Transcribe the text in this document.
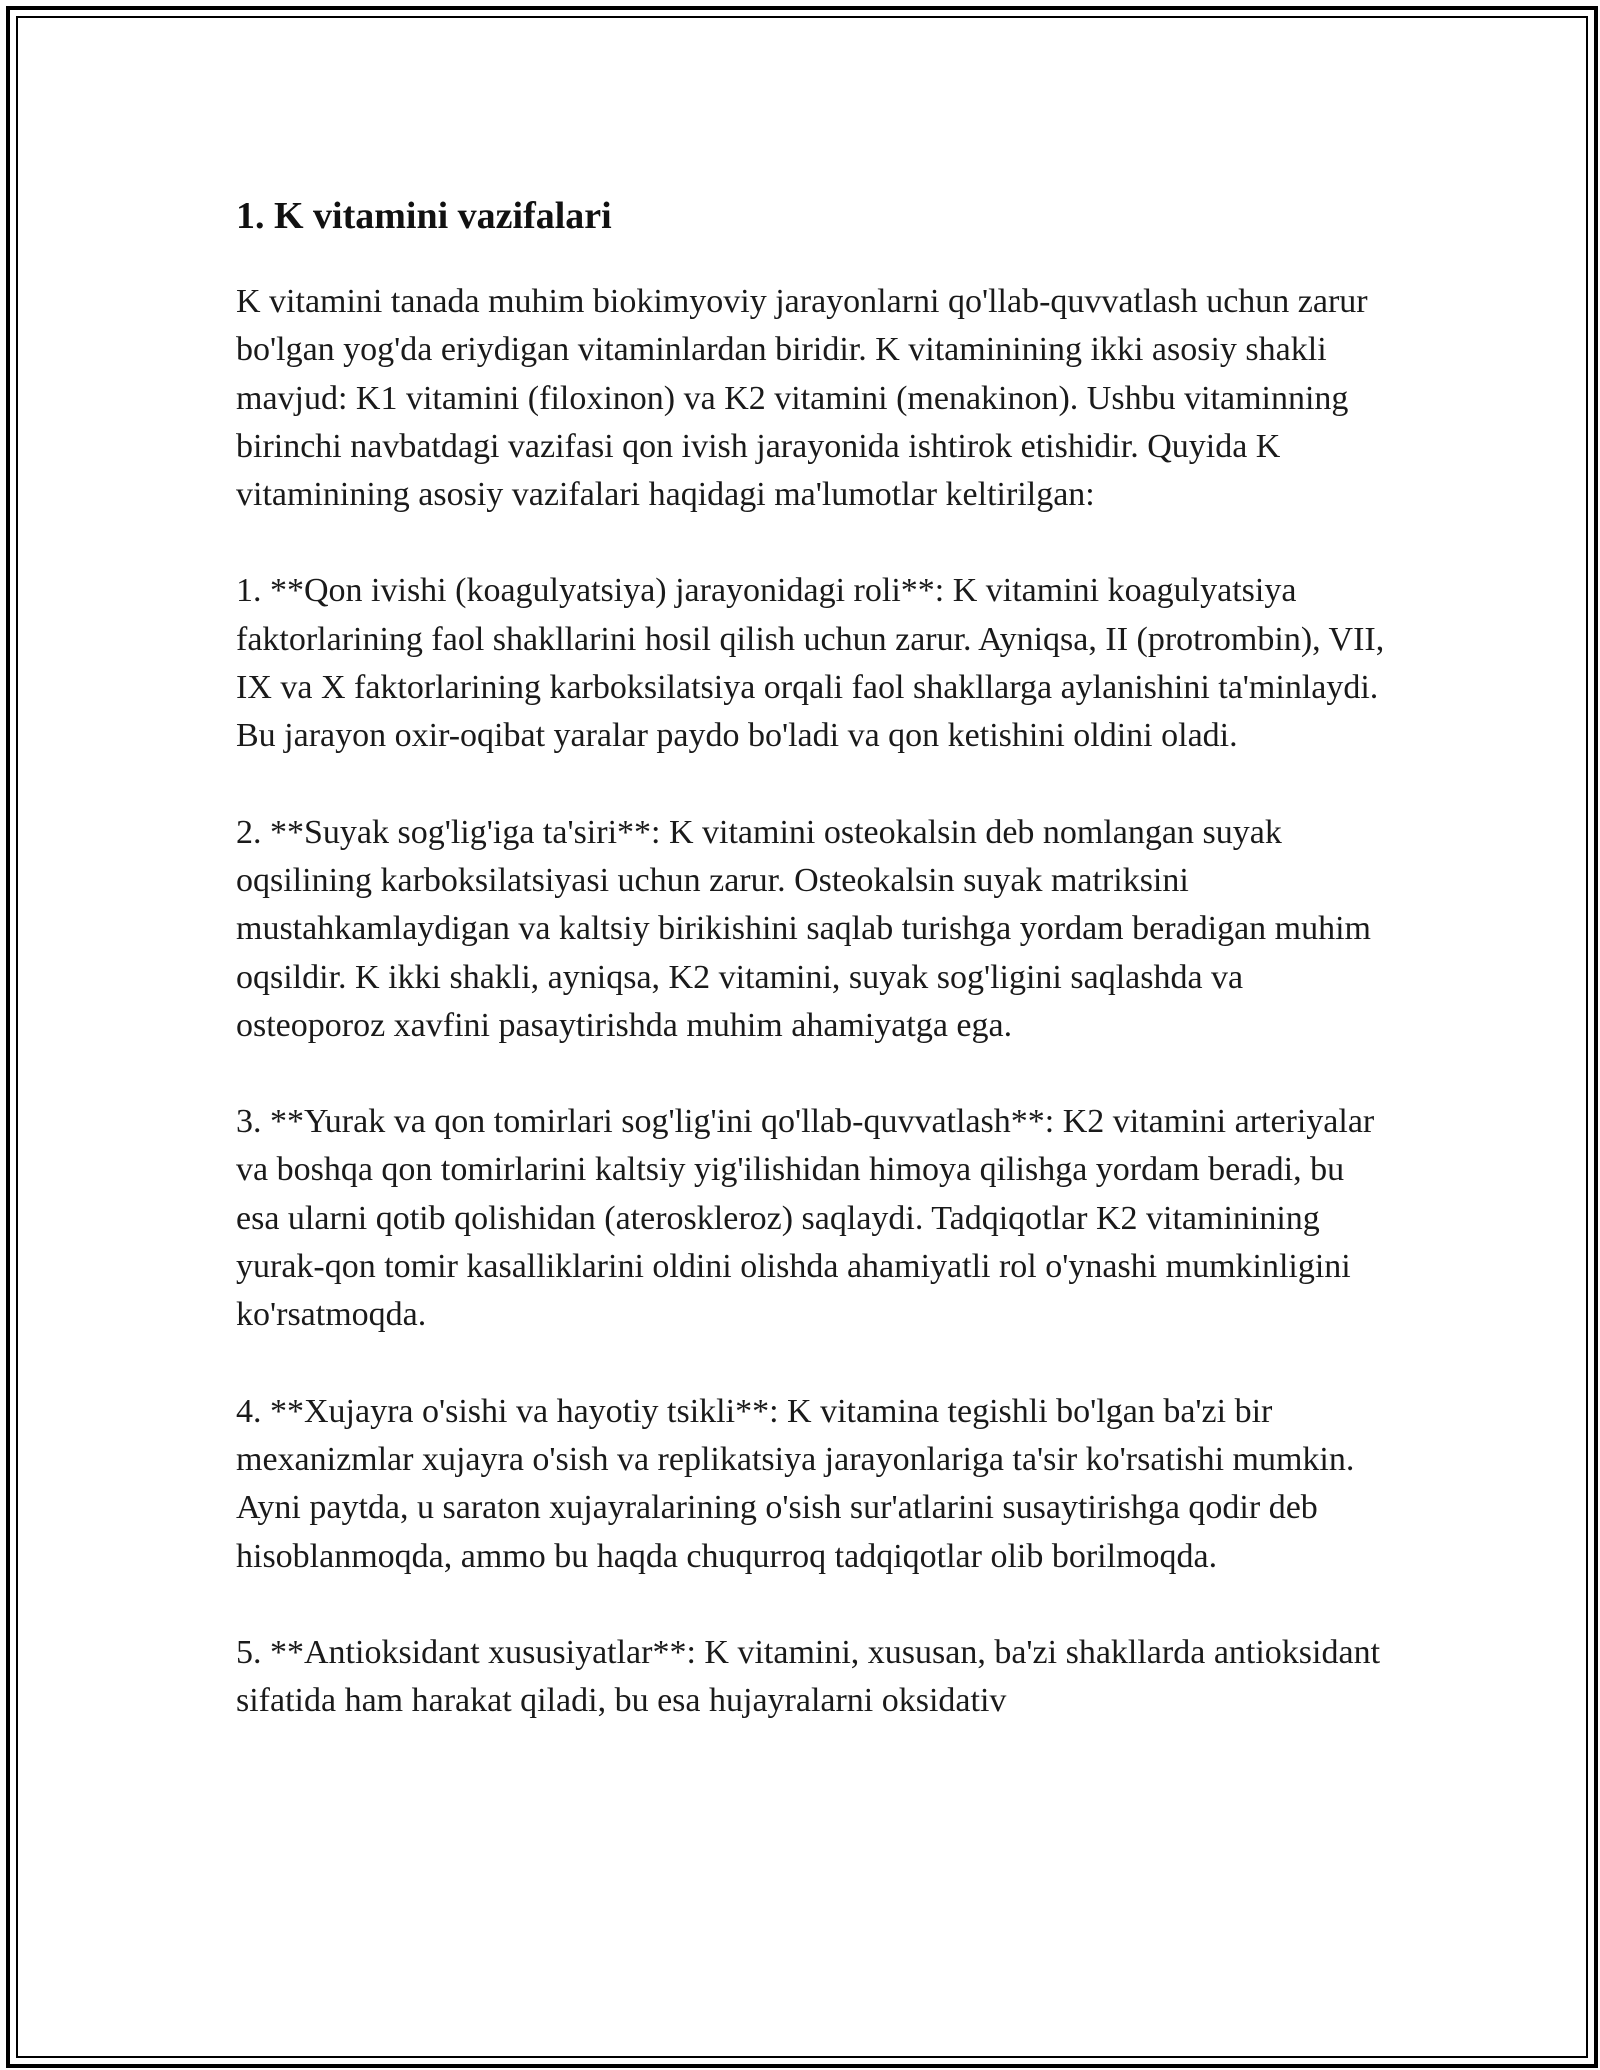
1. K vitamini vazifalari

K vitamini tanada muhim biokimyoviy jarayonlarni qo'llab-quvvatlash uchun zarur bo'lgan yog'da eriydigan vitaminlardan biridir. K vitaminining ikki asosiy shakli mavjud: K1 vitamini (filoxinon) va K2 vitamini (menakinon). Ushbu vitaminning birinchi navbatdagi vazifasi qon ivish jarayonida ishtirok etishidir. Quyida K vitaminining asosiy vazifalari haqidagi ma'lumotlar keltirilgan:

1. **Qon ivishi (koagulyatsiya) jarayonidagi roli**: K vitamini koagulyatsiya faktorlarining faol shakllarini hosil qilish uchun zarur. Ayniqsa, II (protrombin), VII, IX va X faktorlarining karboksilatsiya orqali faol shakllarga aylanishini ta'minlaydi. Bu jarayon oxir-oqibat yaralar paydo bo'ladi va qon ketishini oldini oladi.

2. **Suyak sog'lig'iga ta'siri**: K vitamini osteokalsin deb nomlangan suyak oqsilining karboksilatsiyasi uchun zarur. Osteokalsin suyak matriksini mustahkamlaydigan va kaltsiy birikishini saqlab turishga yordam beradigan muhim oqsildir. K ikki shakli, ayniqsa, K2 vitamini, suyak sog'ligini saqlashda va osteoporoz xavfini pasaytirishda muhim ahamiyatga ega.

3. **Yurak va qon tomirlari sog'lig'ini qo'llab-quvvatlash**: K2 vitamini arteriyalar va boshqa qon tomirlarini kaltsiy yig'ilishidan himoya qilishga yordam beradi, bu esa ularni qotib qolishidan (ateroskleroz) saqlaydi. Tadqiqotlar K2 vitaminining yurak-qon tomir kasalliklarini oldini olishda ahamiyatli rol o'ynashi mumkinligini ko'rsatmoqda.

4. **Xujayra o'sishi va hayotiy tsikli**: K vitamina tegishli bo'lgan ba'zi bir mexanizmlar xujayra o'sish va replikatsiya jarayonlariga ta'sir ko'rsatishi mumkin. Ayni paytda, u saraton xujayralarining o'sish sur'atlarini susaytirishga qodir deb hisoblanmoqda, ammo bu haqda chuqurroq tadqiqotlar olib borilmoqda.

5. **Antioksidant xususiyatlar**: K vitamini, xususan, ba'zi shakllarda antioksidant sifatida ham harakat qiladi, bu esa hujayralarni oksidativ
